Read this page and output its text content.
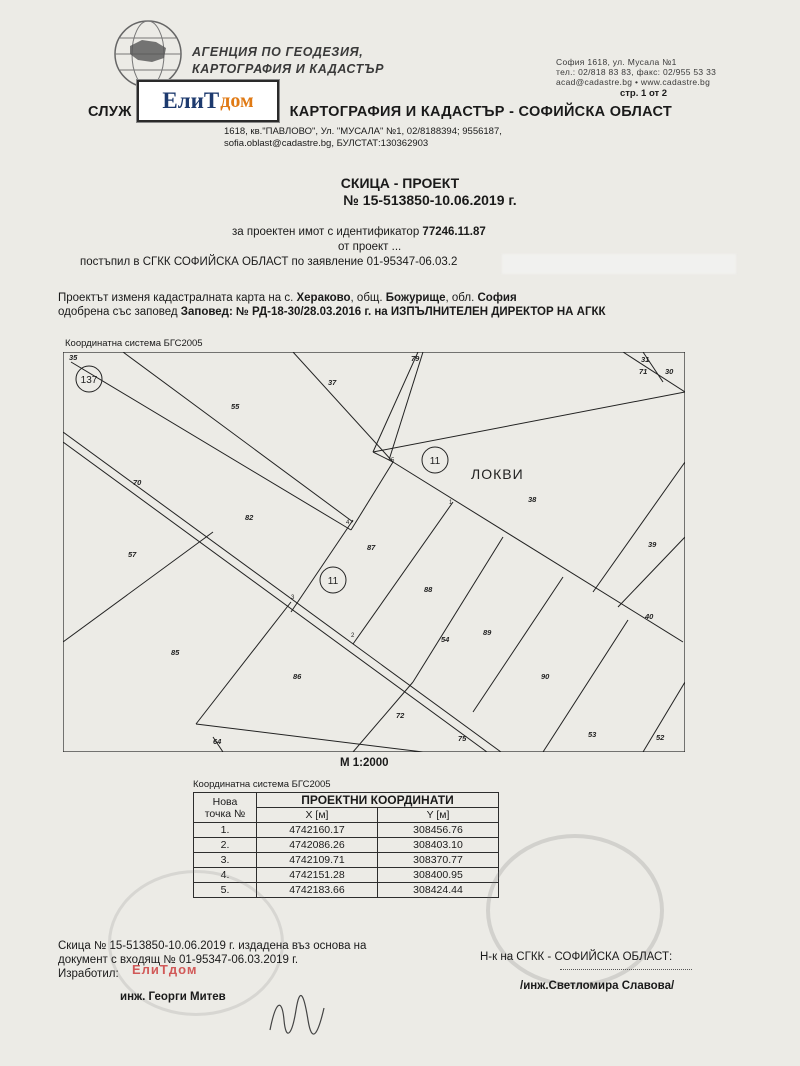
АГЕНЦИЯ ПО ГЕОДЕЗИЯ,
КАРТОГРАФИЯ И КАДАСТЪР	София 1618, ул. Мусала №1
тел.: 02/818 83 83, факс: 02/955 53 33
acad@cadastre.bg • www.cadastre.bg
стр. 1 от 2
СЛУЖ	КАРТОГРАФИЯ И КАДАСТЪР - СОФИЙСКА ОБЛАСТ
ЕлиТ дом
1618, кв."ПАВЛОВО", Ул. "МУСАЛА" №1, 02/8188394; 9556187,
sofia.oblast@cadastre.bg, БУЛСТАТ:130362903
СКИЦА - ПРОЕКТ
№ 15-513850-10.06.2019 г.
за проектен имот с идентификатор 77246.11.87
от проект ...
постъпил в СГКК СОФИЙСКА ОБЛАСТ по заявление 01-95347-06.03.2
Проектът изменя кадастралната карта на с. Хераково, общ. Божурище, обл. София
одобрена със заповед Заповед: № РД-18-30/28.03.2016 г. на ИЗПЪЛНИТЕЛЕН ДИРЕКТОР НА АГКК
Координатна система БГС2005
55
37
79	31
71 30
38
39
40
53	52
90
89
88
87
82
57
85
86
72
75
64
54
70
35
1
2
3
4
5
137
11
11
ЛОКВИ
М 1:2000
Координатна система БГС2005
Нова
точка №	ПРОЕКТНИ КООРДИНАТИ	
	X [м]	Y [м]
1.	4742160.17	308456.76
2.	4742086.26	308403.10
3.	4742109.71	308370.77
4.	4742151.28	308400.95
5.	4742183.66	308424.44
Скица № 15-513850-10.06.2019 г. издадена въз основа на
документ с входящ № 01-95347-06.03.2019 г.
Изработил:
инж. Георги Митев
ЕлиТдом
Н-к на СГКК - СОФИЙСКА ОБЛАСТ:
/инж.Светломира Славова/
